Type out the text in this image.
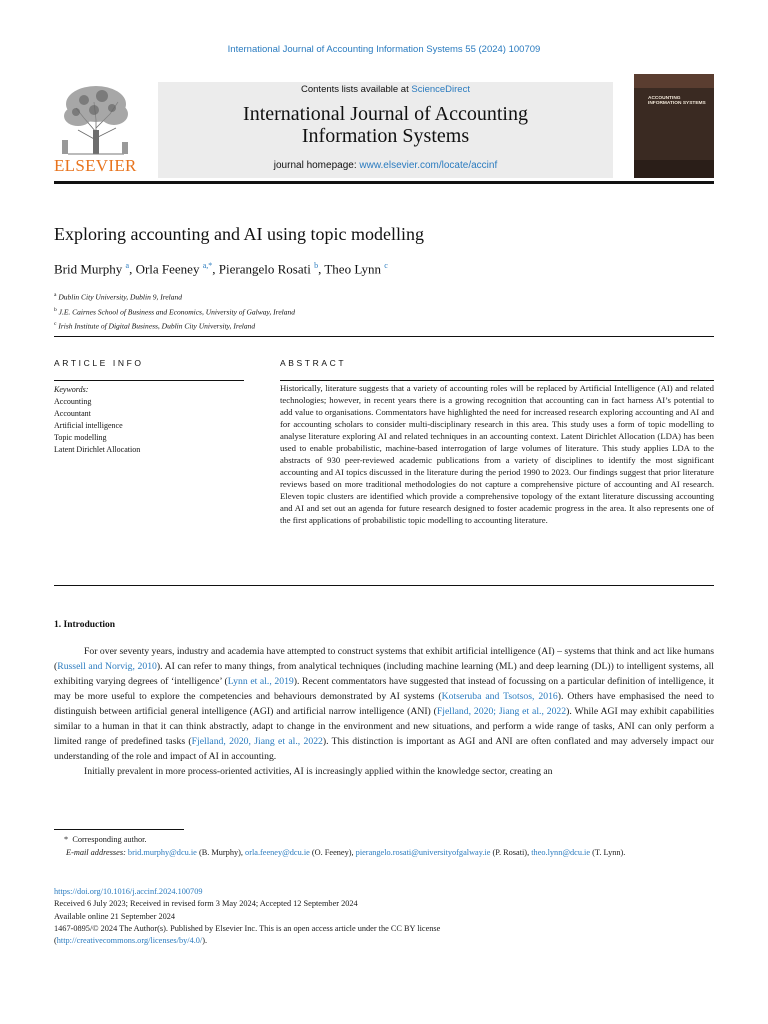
International Journal of Accounting Information Systems 55 (2024) 100709
ELSEVIER
Contents lists available at ScienceDirect
International Journal of Accounting
Information Systems
journal homepage: www.elsevier.com/locate/accinf
ACCOUNTING INFORMATION SYSTEMS
Exploring accounting and AI using topic modelling
Brid Murphy $^a$, Orla Feeney $^{a,*}$, Pierangelo Rosati $^b$, Theo Lynn $^c$
$^a$ Dublin City University, Dublin 9, Ireland
$^b$ J.E. Cairnes School of Business and Economics, University of Galway, Ireland
$^c$ Irish Institute of Digital Business, Dublin City University, Ireland
ARTICLE INFO
Keywords:
Accounting
Accountant
Artificial intelligence
Topic modelling
Latent Dirichlet Allocation
ABSTRACT
Historically, literature suggests that a variety of accounting roles will be replaced by Artificial Intelligence (AI) and related technologies; however, in recent years there is a growing recognition that accounting can in fact harness AI’s potential to add value to organisations. Commentators have highlighted the need for increased research exploring accounting and AI and for accounting scholars to consider multi-disciplinary research in this area. This study uses a form of topic modelling to analyse literature exploring AI and related techniques in an accounting context. Latent Dirichlet Allocation (LDA) has been used to enable probabilistic, machine-based interrogation of large volumes of literature. This study applies LDA to the abstracts of 930 peer-reviewed academic publications from a variety of disciplines to identify the most significant accounting and AI topics discussed in the literature during the period 1990 to 2023. Our findings suggest that prior literature reviews based on more traditional methodologies do not capture a comprehensive picture of accounting and AI research. Eleven topic clusters are identified which provide a comprehensive topology of the extant literature discussing accounting and AI and set out an agenda for future research designed to foster academic progress in the area. It also represents one of the first applications of probabilistic topic modelling to accounting literature.
1. Introduction

For over seventy years, industry and academia have attempted to construct systems that exhibit artificial intelligence (AI) – systems that think and act like humans (Russell and Norvig, 2010). AI can refer to many things, from analytical techniques (including machine learning (ML) and deep learning (DL)) to intelligent systems, all exhibiting varying degrees of ‘intelligence’ (Lynn et al., 2019). Recent commentators have suggested that instead of focussing on a particular definition of intelligence, it may be more useful to explore the competencies and behaviours demonstrated by AI systems (Kotseruba and Tsotsos, 2016). Others have emphasised the need to distinguish between artificial general intelligence (AGI) and artificial narrow intelligence (ANI) (Fjelland, 2020; Jiang et al., 2022). While AGI may exhibit capabilities similar to a human in that it can think abstractly, adapt to change in the environment and new situations, and perform a wide range of tasks, ANI can only perform a limited range of predefined tasks (Fjelland, 2020, Jiang et al., 2022). This distinction is important as AGI and ANI are often conflated and may adversely impact our understanding of the role and impact of AI in accounting.

Initially prevalent in more process-oriented activities, AI is increasingly applied within the knowledge sector, creating an

* Corresponding author.
E-mail addresses: brid.murphy@dcu.ie (B. Murphy), orla.feeney@dcu.ie (O. Feeney), pierangelo.rosati@universityofgalway.ie (P. Rosati), theo.lynn@dcu.ie (T. Lynn).
https://doi.org/10.1016/j.accinf.2024.100709
Received 6 July 2023; Received in revised form 3 May 2024; Accepted 12 September 2024
Available online 21 September 2024
1467-0895/© 2024 The Author(s). Published by Elsevier Inc. This is an open access article under the CC BY license
(http://creativecommons.org/licenses/by/4.0/).
